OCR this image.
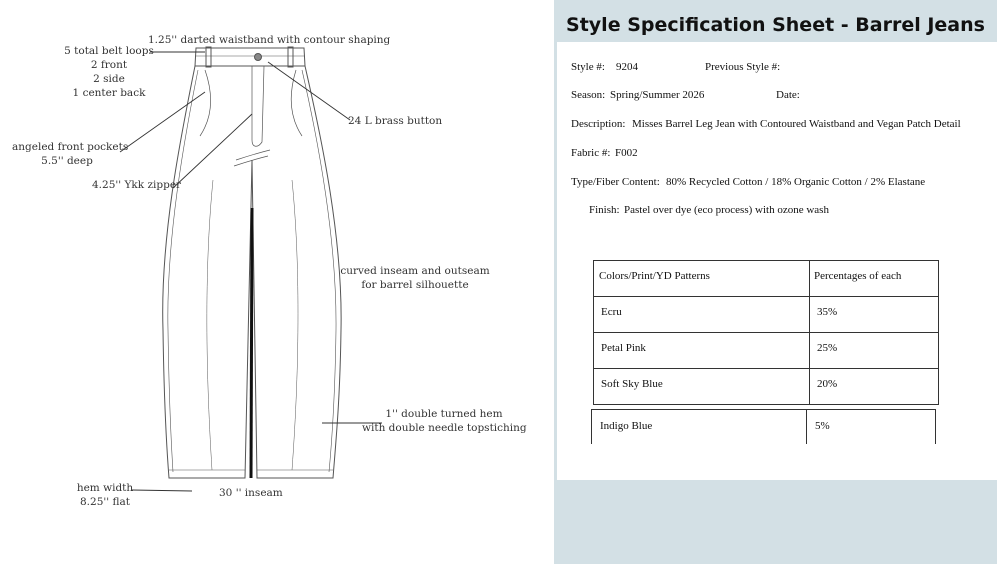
1.25'' darted waistband with contour shaping
5 total belt loops
2 front
2 side
1 center back
angeled front pockets
5.5'' deep
4.25'' Ykk zipper
24 L brass button
curved inseam and outseam
for barrel silhouette
1'' double turned hem
with double needle topstiching
hem width
8.25'' flat
30 '' inseam
Style Specification Sheet - Barrel Jeans
Style #: 9204	Previous Style #:
Season: Spring/Summer 2026	Date:
Description: Misses Barrel Leg Jean with Contoured Waistband and Vegan Patch Detail
Fabric #: F002
Type/Fiber Content: 80% Recycled Cotton / 18% Organic Cotton / 2% Elastane
Finish: Pastel over dye (eco process) with ozone wash
Colors/Print/YD Patterns	Percentages of each
Ecru	35%
Petal Pink	25%
Soft Sky Blue	20%
Indigo Blue	5%
